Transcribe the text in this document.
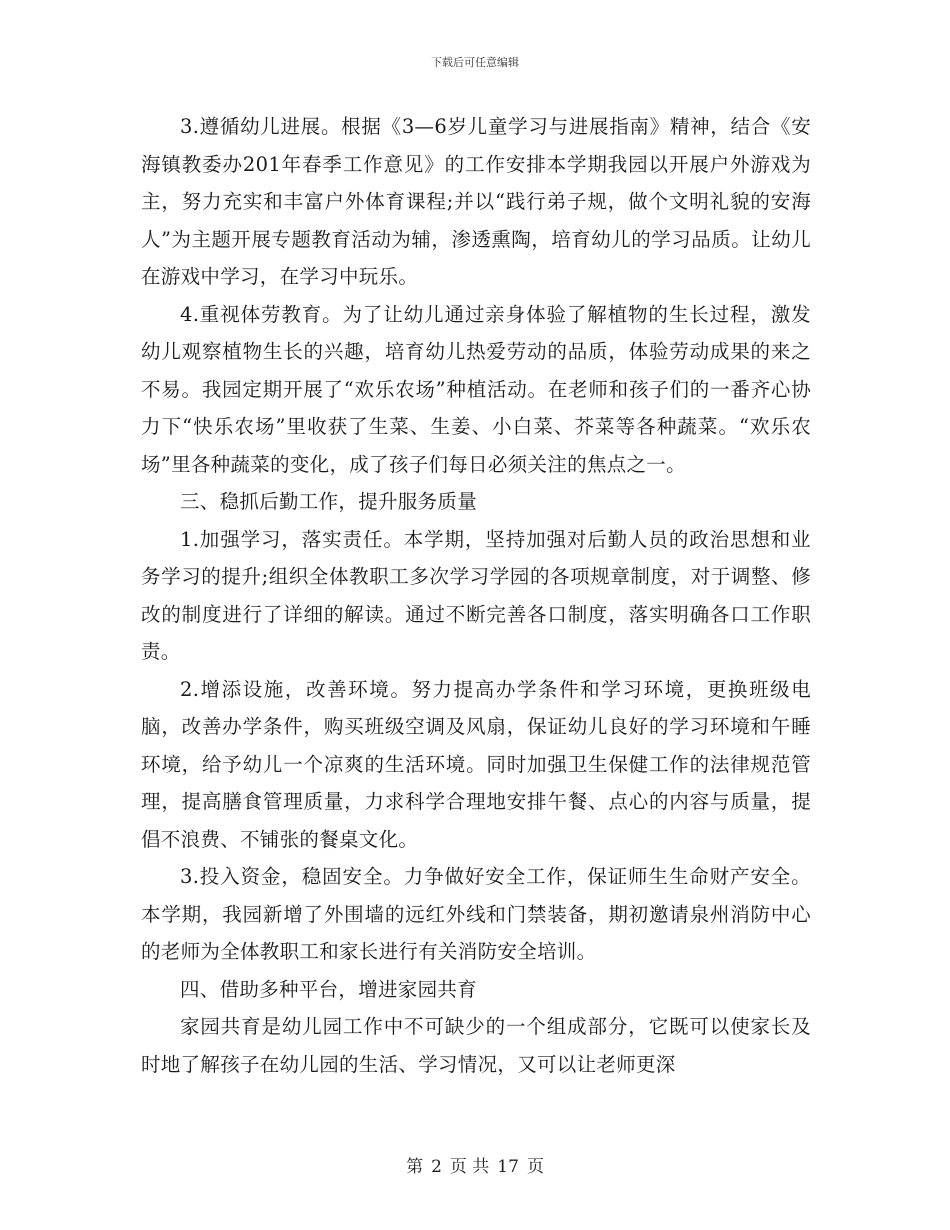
下载后可任意编辑

3.遵循幼儿进展。根据《3—6岁儿童学习与进展指南》精神，结合《安海镇教委办201年春季工作意见》的工作安排本学期我园以开展户外游戏为主，努力充实和丰富户外体育课程;并以“践行弟子规，做个文明礼貌的安海人”为主题开展专题教育活动为辅，渗透熏陶，培育幼儿的学习品质。让幼儿在游戏中学习，在学习中玩乐。

4.重视体劳教育。为了让幼儿通过亲身体验了解植物的生长过程，激发幼儿观察植物生长的兴趣，培育幼儿热爱劳动的品质，体验劳动成果的来之不易。我园定期开展了“欢乐农场”种植活动。在老师和孩子们的一番齐心协力下“快乐农场”里收获了生菜、生姜、小白菜、芥菜等各种蔬菜。“欢乐农场”里各种蔬菜的变化，成了孩子们每日必须关注的焦点之一。

三、稳抓后勤工作，提升服务质量

1.加强学习，落实责任。本学期，坚持加强对后勤人员的政治思想和业务学习的提升;组织全体教职工多次学习学园的各项规章制度，对于调整、修改的制度进行了详细的解读。通过不断完善各口制度，落实明确各口工作职责。

2.增添设施，改善环境。努力提高办学条件和学习环境，更换班级电脑，改善办学条件，购买班级空调及风扇，保证幼儿良好的学习环境和午睡环境，给予幼儿一个凉爽的生活环境。同时加强卫生保健工作的法律规范管理，提高膳食管理质量，力求科学合理地安排午餐、点心的内容与质量，提倡不浪费、不铺张的餐桌文化。

3.投入资金，稳固安全。力争做好安全工作，保证师生生命财产安全。本学期，我园新增了外围墙的远红外线和门禁装备，期初邀请泉州消防中心的老师为全体教职工和家长进行有关消防安全培训。

四、借助多种平台，增进家园共育

家园共育是幼儿园工作中不可缺少的一个组成部分，它既可以使家长及时地了解孩子在幼儿园的生活、学习情况，又可以让老师更深

第 2 页 共 17 页
